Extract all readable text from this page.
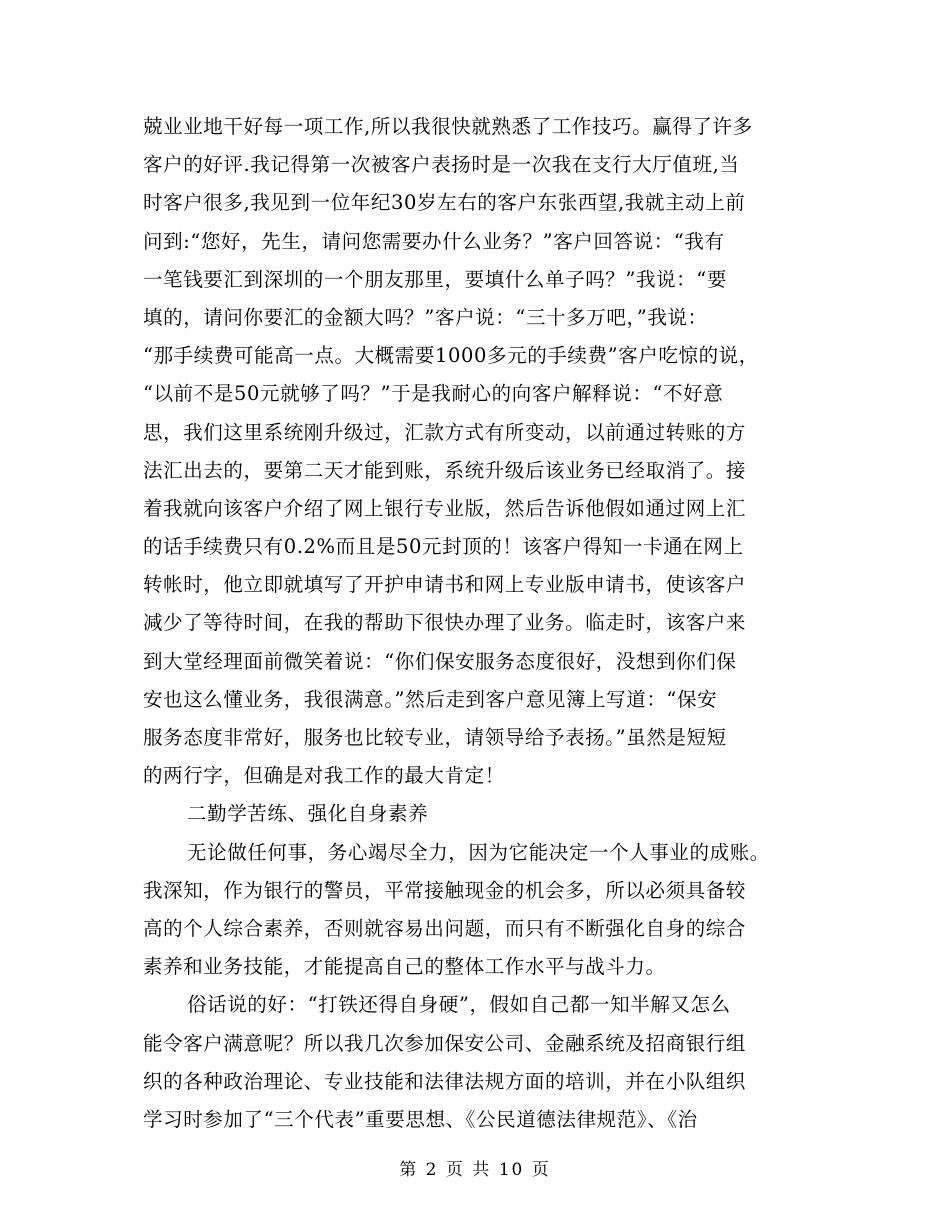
兢业业地干好每一项工作,所以我很快就熟悉了工作技巧。赢得了许多
客户的好评.我记得第一次被客户表扬时是一次我在支行大厅值班,当
时客户很多,我见到一位年纪30岁左右的客户东张西望,我就主动上前
问到:“您好，先生，请问您需要办什么业务？”客户回答说：“我有
一笔钱要汇到深圳的一个朋友那里，要填什么单子吗？”我说：“要
填的，请问你要汇的金额大吗？”客户说：“三十多万吧，”我说：
“那手续费可能高一点。大概需要1000多元的手续费”客户吃惊的说，
“以前不是50元就够了吗？”于是我耐心的向客户解释说：“不好意
思，我们这里系统刚升级过，汇款方式有所变动，以前通过转账的方
法汇出去的，要第二天才能到账，系统升级后该业务已经取消了。接
着我就向该客户介绍了网上银行专业版，然后告诉他假如通过网上汇
的话手续费只有0.2%而且是50元封顶的！该客户得知一卡通在网上
转帐时，他立即就填写了开护申请书和网上专业版申请书，使该客户
减少了等待时间，在我的帮助下很快办理了业务。临走时，该客户来
到大堂经理面前微笑着说：“你们保安服务态度很好，没想到你们保
安也这么懂业务，我很满意。”然后走到客户意见簿上写道：“保安
服务态度非常好，服务也比较专业，请领导给予表扬。”虽然是短短
的两行字，但确是对我工作的最大肯定！
二勤学苦练、强化自身素养
无论做任何事，务心竭尽全力，因为它能决定一个人事业的成账。
我深知，作为银行的警员，平常接触现金的机会多，所以必须具备较
高的个人综合素养，否则就容易出问题，而只有不断强化自身的综合
素养和业务技能，才能提高自己的整体工作水平与战斗力。
俗话说的好：“打铁还得自身硬”，假如自己都一知半解又怎么
能令客户满意呢？所以我几次参加保安公司、金融系统及招商银行组
织的各种政治理论、专业技能和法律法规方面的培训，并在小队组织
学习时参加了“三个代表”重要思想、《公民道德法律规范》、《治
第 2 页 共 10 页
